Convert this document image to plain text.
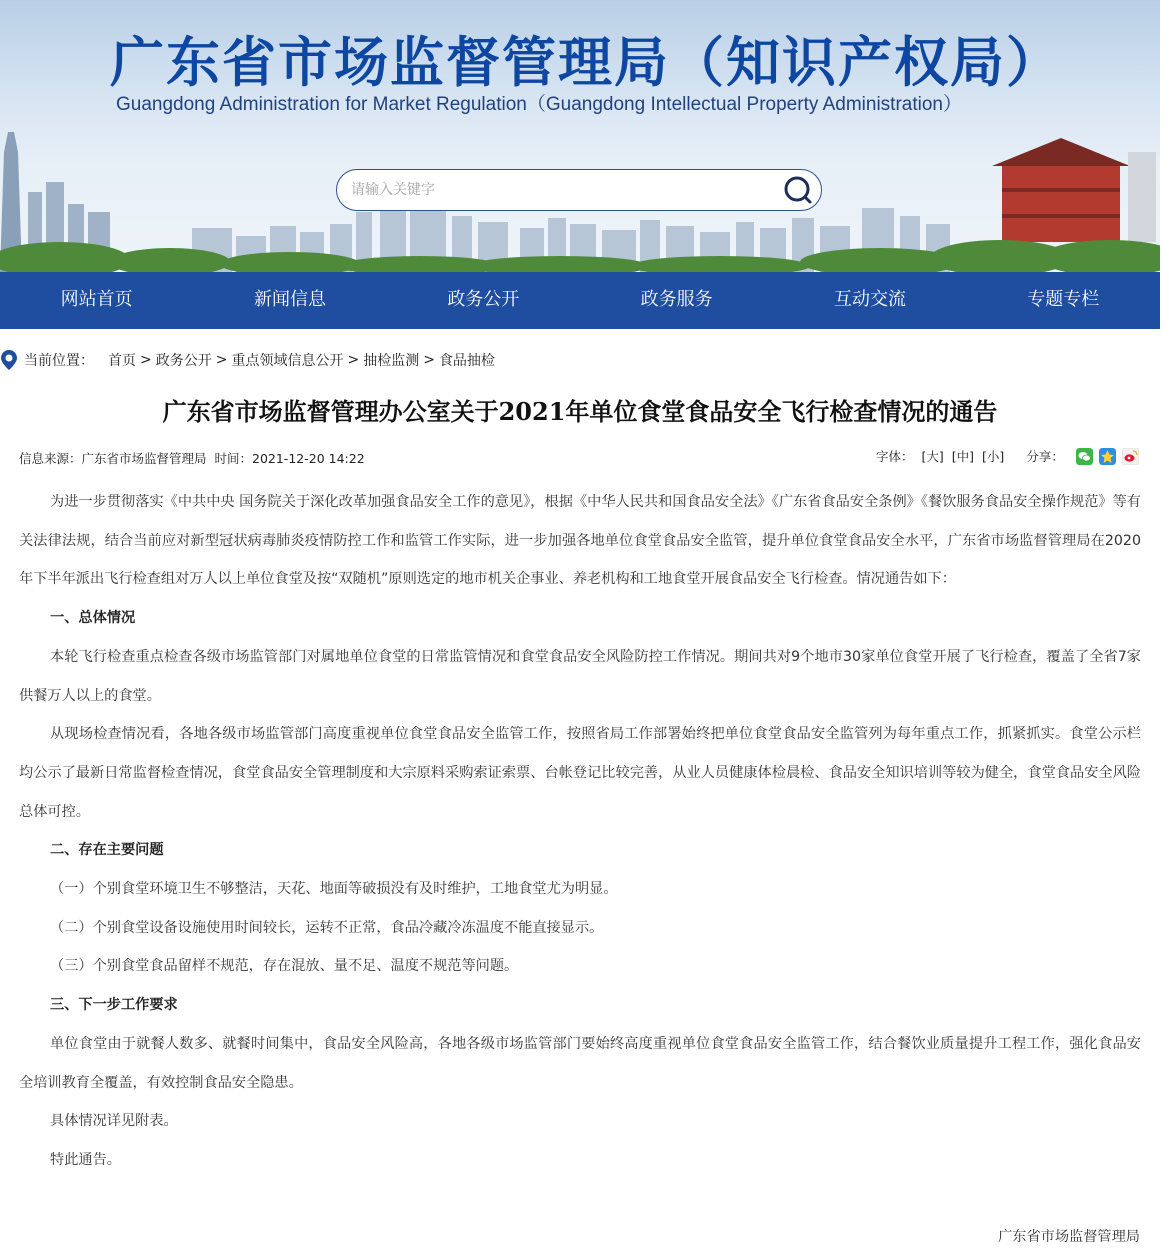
广东省市场监督管理局（知识产权局）
Guangdong Administration for Market Regulation（Guangdong Intellectual Property Administration）
请输入关键字
网站首页	新闻信息	政务公开	政务服务	互动交流	专题专栏
当前位置： 首页 > 政务公开 > 重点领域信息公开 > 抽检监测 > 食品抽检
广东省市场监督管理办公室关于2021年单位食堂食品安全飞行检查情况的通告
信息来源：广东省市场监督管理局 时间：2021-12-20 14:22	字体： [大] [中] [小] 分享：

为进一步贯彻落实《中共中央 国务院关于深化改革加强食品安全工作的意见》，根据《中华人民共和国食品安全法》《广东省食品安全条例》《餐饮服务食品安全操作规范》等有关法律法规，结合当前应对新型冠状病毒肺炎疫情防控工作和监管工作实际，进一步加强各地单位食堂食品安全监管，提升单位食堂食品安全水平，广东省市场监督管理局在2020年下半年派出飞行检查组对万人以上单位食堂及按“双随机”原则选定的地市机关企事业、养老机构和工地食堂开展食品安全飞行检查。情况通告如下：

一、总体情况

本轮飞行检查重点检查各级市场监管部门对属地单位食堂的日常监管情况和食堂食品安全风险防控工作情况。期间共对9个地市30家单位食堂开展了飞行检查，覆盖了全省7家供餐万人以上的食堂。

从现场检查情况看，各地各级市场监管部门高度重视单位食堂食品安全监管工作，按照省局工作部署始终把单位食堂食品安全监管列为每年重点工作，抓紧抓实。食堂公示栏均公示了最新日常监督检查情况，食堂食品安全管理制度和大宗原料采购索证索票、台帐登记比较完善，从业人员健康体检晨检、食品安全知识培训等较为健全，食堂食品安全风险总体可控。

二、存在主要问题

（一）个别食堂环境卫生不够整洁，天花、地面等破损没有及时维护，工地食堂尤为明显。

（二）个别食堂设备设施使用时间较长，运转不正常，食品冷藏冷冻温度不能直接显示。

（三）个别食堂食品留样不规范，存在混放、量不足、温度不规范等问题。

三、下一步工作要求

单位食堂由于就餐人数多、就餐时间集中，食品安全风险高，各地各级市场监管部门要始终高度重视单位食堂食品安全监管工作，结合餐饮业质量提升工程工作，强化食品安全培训教育全覆盖，有效控制食品安全隐患。

具体情况详见附表。

特此通告。

广东省市场监督管理局
